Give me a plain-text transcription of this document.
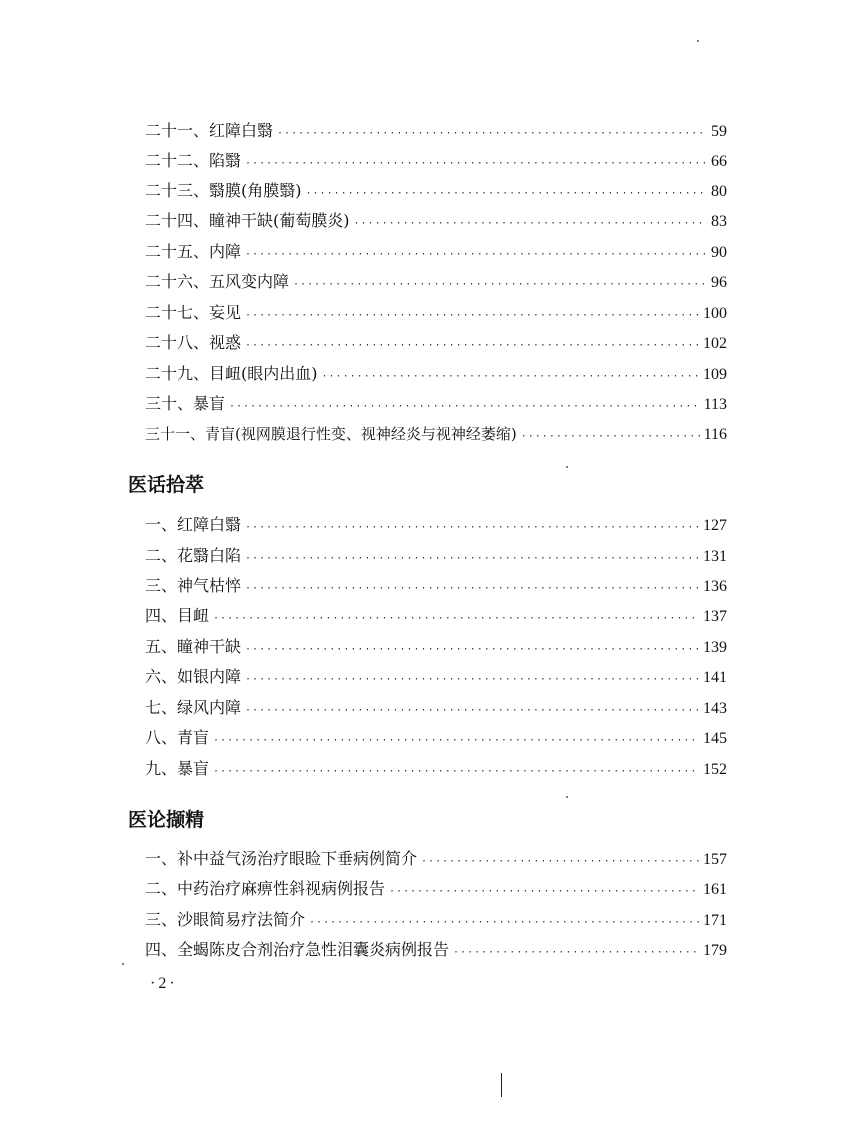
二十一、 红障白翳 ·····	59
二十二、 陷翳 ·····	66
二十三、 翳膜(角膜翳) ·····	80
二十四、 瞳神干缺(葡萄膜炎) ·····	83
二十五、 内障 ·····	90
二十六、 五风变内障 ·····	96
二十七、 妄见 ·····	100
二十八、 视惑 ·····	102
二十九、 目衄(眼内出血) ·····	109
三十、 暴盲 ·····	113
三十一、 青盲(视网膜退行性变、视神经炎与视神经萎缩) ·····	116
医话拾萃
一、 红障白翳 ·····	127
二、 花翳白陷 ·····	131
三、 神气枯悴 ·····	136
四、 目衄 ·····	137
五、 瞳神干缺 ·····	139
六、 如银内障 ·····	141
七、 绿风内障 ·····	143
八、 青盲 ·····	145
九、 暴盲 ·····	152
医论撷精
一、 补中益气汤治疗眼睑下垂病例简介 ·····	157
二、 中药治疗麻痹性斜视病例报告 ·····	161
三、 沙眼简易疗法简介 ·····	171
四、 全蝎陈皮合剂治疗急性泪囊炎病例报告 ·····	179
·2·
